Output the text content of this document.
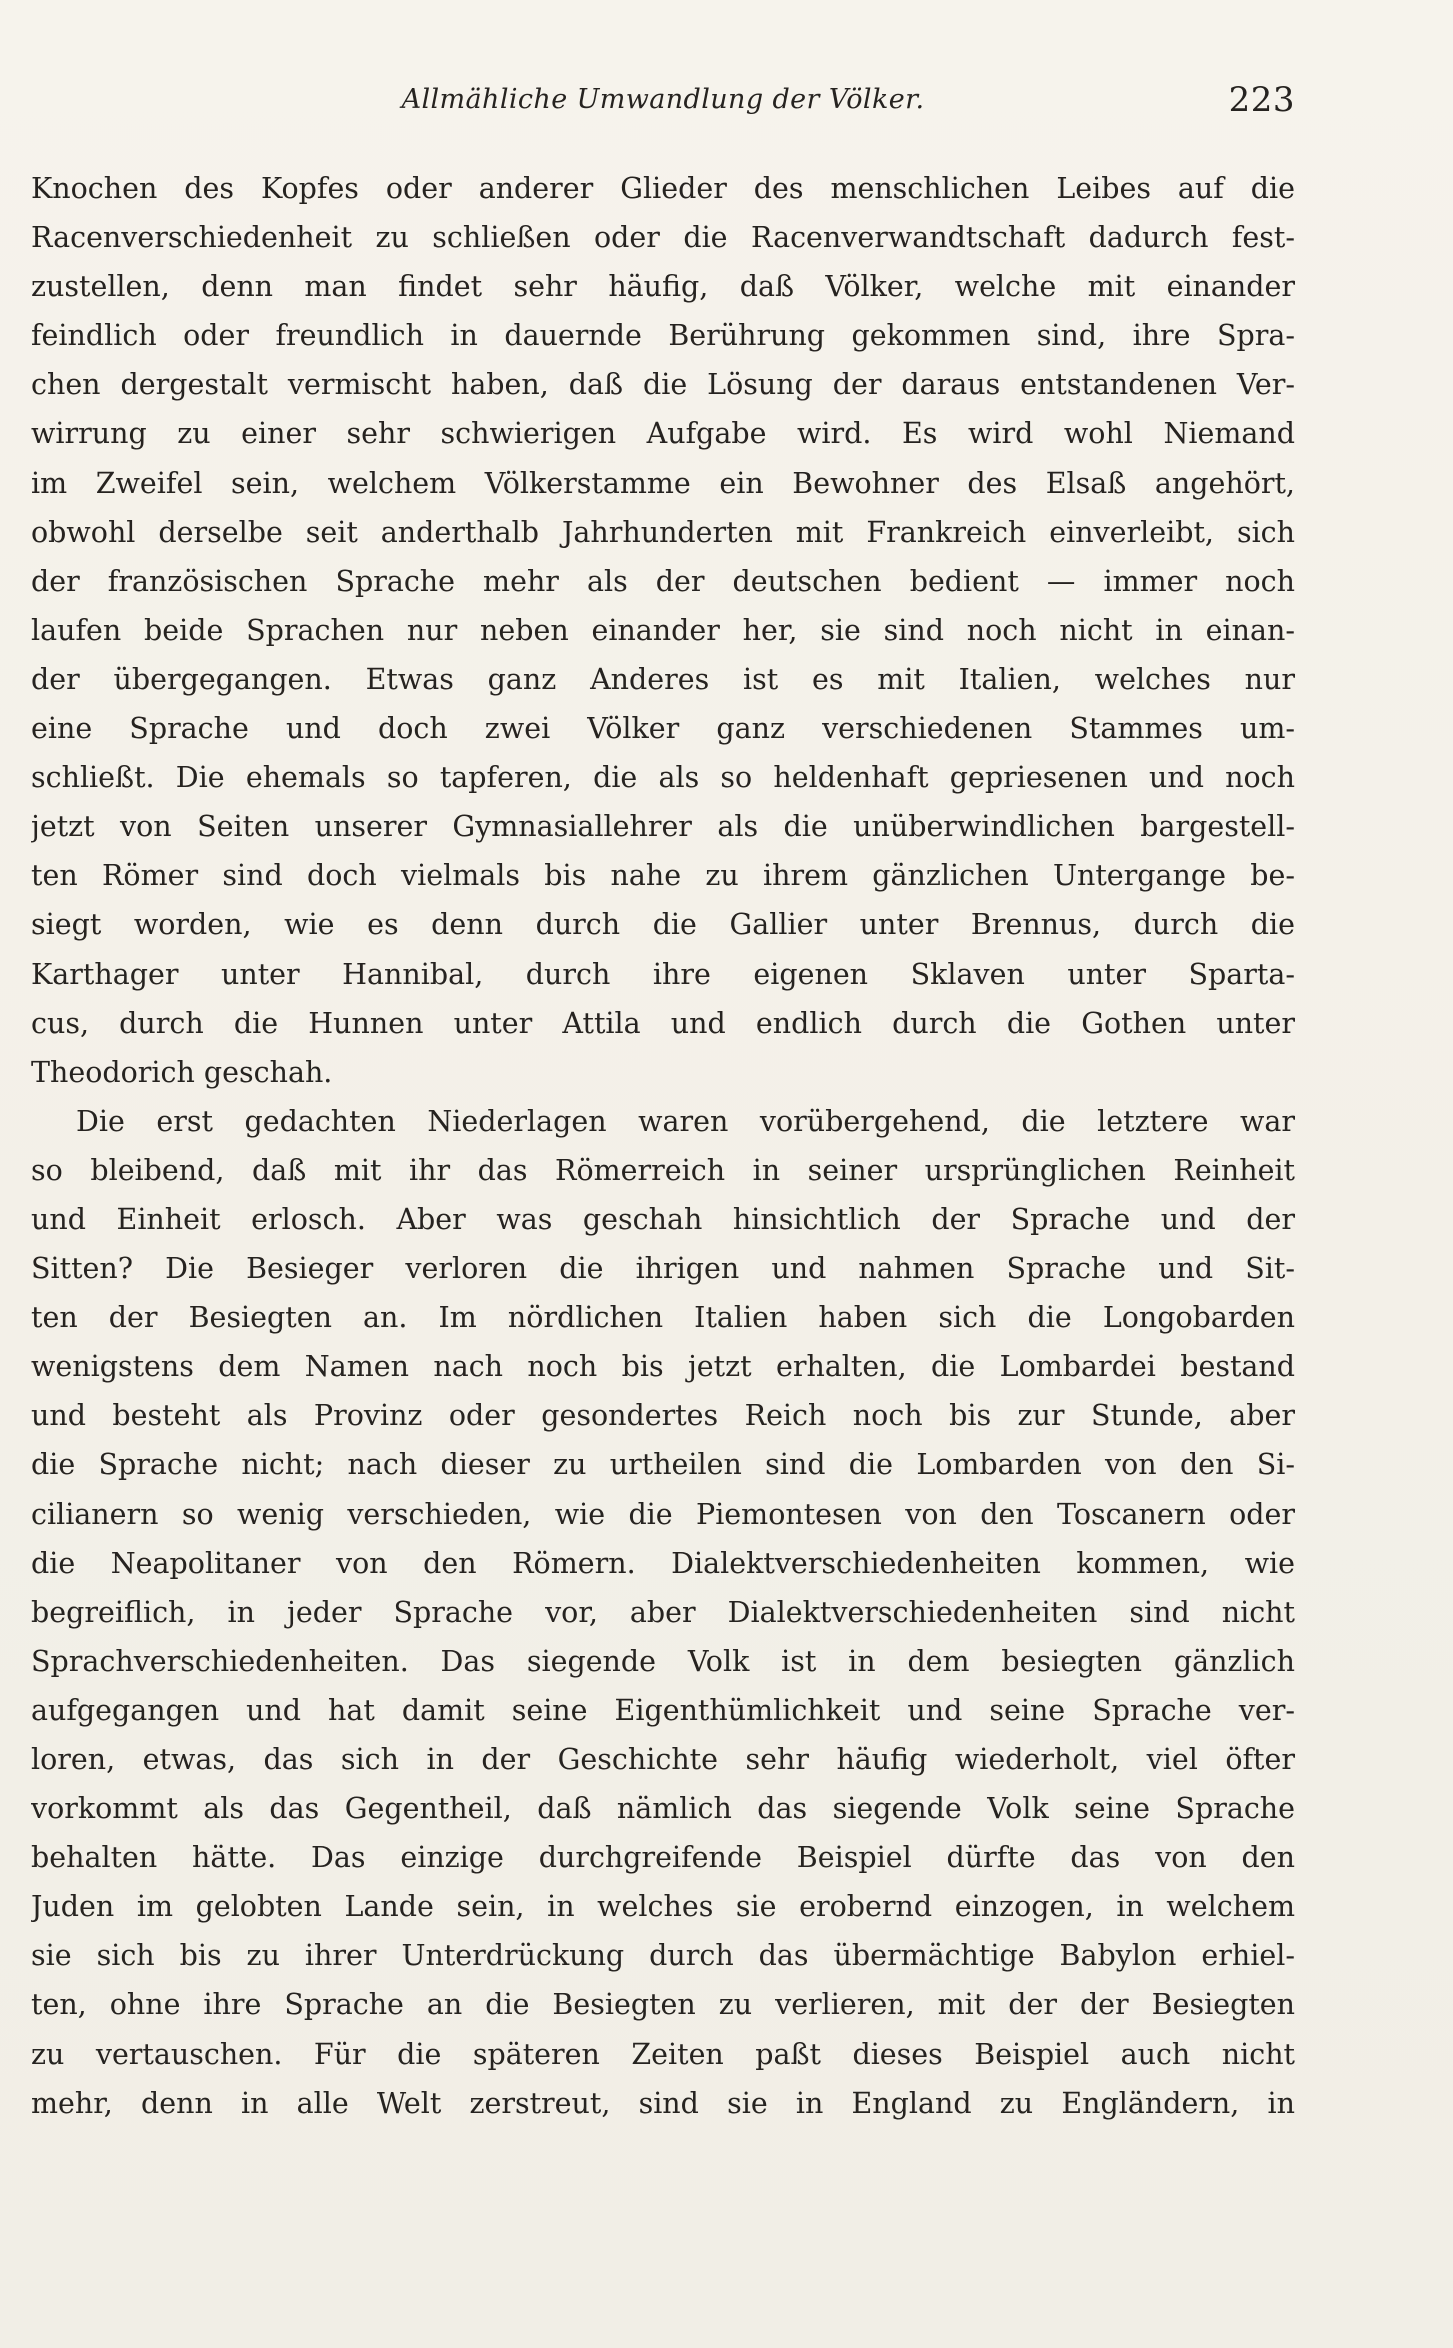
Allmähliche Umwandlung der Völker.	223
Knochen des Kopfes oder anderer Glieder des menschlichen Leibes auf die
Racenverschiedenheit zu schließen oder die Racenverwandtschaft dadurch fest-
zustellen, denn man findet sehr häufig, daß Völker, welche mit einander
feindlich oder freundlich in dauernde Berührung gekommen sind, ihre Spra-
chen dergestalt vermischt haben, daß die Lösung der daraus entstandenen Ver-
wirrung zu einer sehr schwierigen Aufgabe wird. Es wird wohl Niemand
im Zweifel sein, welchem Völkerstamme ein Bewohner des Elsaß angehört,
obwohl derselbe seit anderthalb Jahrhunderten mit Frankreich einverleibt, sich
der französischen Sprache mehr als der deutschen bedient — immer noch
laufen beide Sprachen nur neben einander her, sie sind noch nicht in einan-
der übergegangen. Etwas ganz Anderes ist es mit Italien, welches nur
eine Sprache und doch zwei Völker ganz verschiedenen Stammes um-
schließt. Die ehemals so tapferen, die als so heldenhaft gepriesenen und noch
jetzt von Seiten unserer Gymnasiallehrer als die unüberwindlichen bargestell-
ten Römer sind doch vielmals bis nahe zu ihrem gänzlichen Untergange be-
siegt worden, wie es denn durch die Gallier unter Brennus, durch die
Karthager unter Hannibal, durch ihre eigenen Sklaven unter Sparta-
cus, durch die Hunnen unter Attila und endlich durch die Gothen unter
Theodorich geschah.
Die erst gedachten Niederlagen waren vorübergehend, die letztere war
so bleibend, daß mit ihr das Römerreich in seiner ursprünglichen Reinheit
und Einheit erlosch. Aber was geschah hinsichtlich der Sprache und der
Sitten? Die Besieger verloren die ihrigen und nahmen Sprache und Sit-
ten der Besiegten an. Im nördlichen Italien haben sich die Longobarden
wenigstens dem Namen nach noch bis jetzt erhalten, die Lombardei bestand
und besteht als Provinz oder gesondertes Reich noch bis zur Stunde, aber
die Sprache nicht; nach dieser zu urtheilen sind die Lombarden von den Si-
cilianern so wenig verschieden, wie die Piemontesen von den Toscanern oder
die Neapolitaner von den Römern. Dialektverschiedenheiten kommen, wie
begreiflich, in jeder Sprache vor, aber Dialektverschiedenheiten sind nicht
Sprachverschiedenheiten. Das siegende Volk ist in dem besiegten gänzlich
aufgegangen und hat damit seine Eigenthümlichkeit und seine Sprache ver-
loren, etwas, das sich in der Geschichte sehr häufig wiederholt, viel öfter
vorkommt als das Gegentheil, daß nämlich das siegende Volk seine Sprache
behalten hätte. Das einzige durchgreifende Beispiel dürfte das von den
Juden im gelobten Lande sein, in welches sie erobernd einzogen, in welchem
sie sich bis zu ihrer Unterdrückung durch das übermächtige Babylon erhiel-
ten, ohne ihre Sprache an die Besiegten zu verlieren, mit der der Besiegten
zu vertauschen. Für die späteren Zeiten paßt dieses Beispiel auch nicht
mehr, denn in alle Welt zerstreut, sind sie in England zu Engländern, in
